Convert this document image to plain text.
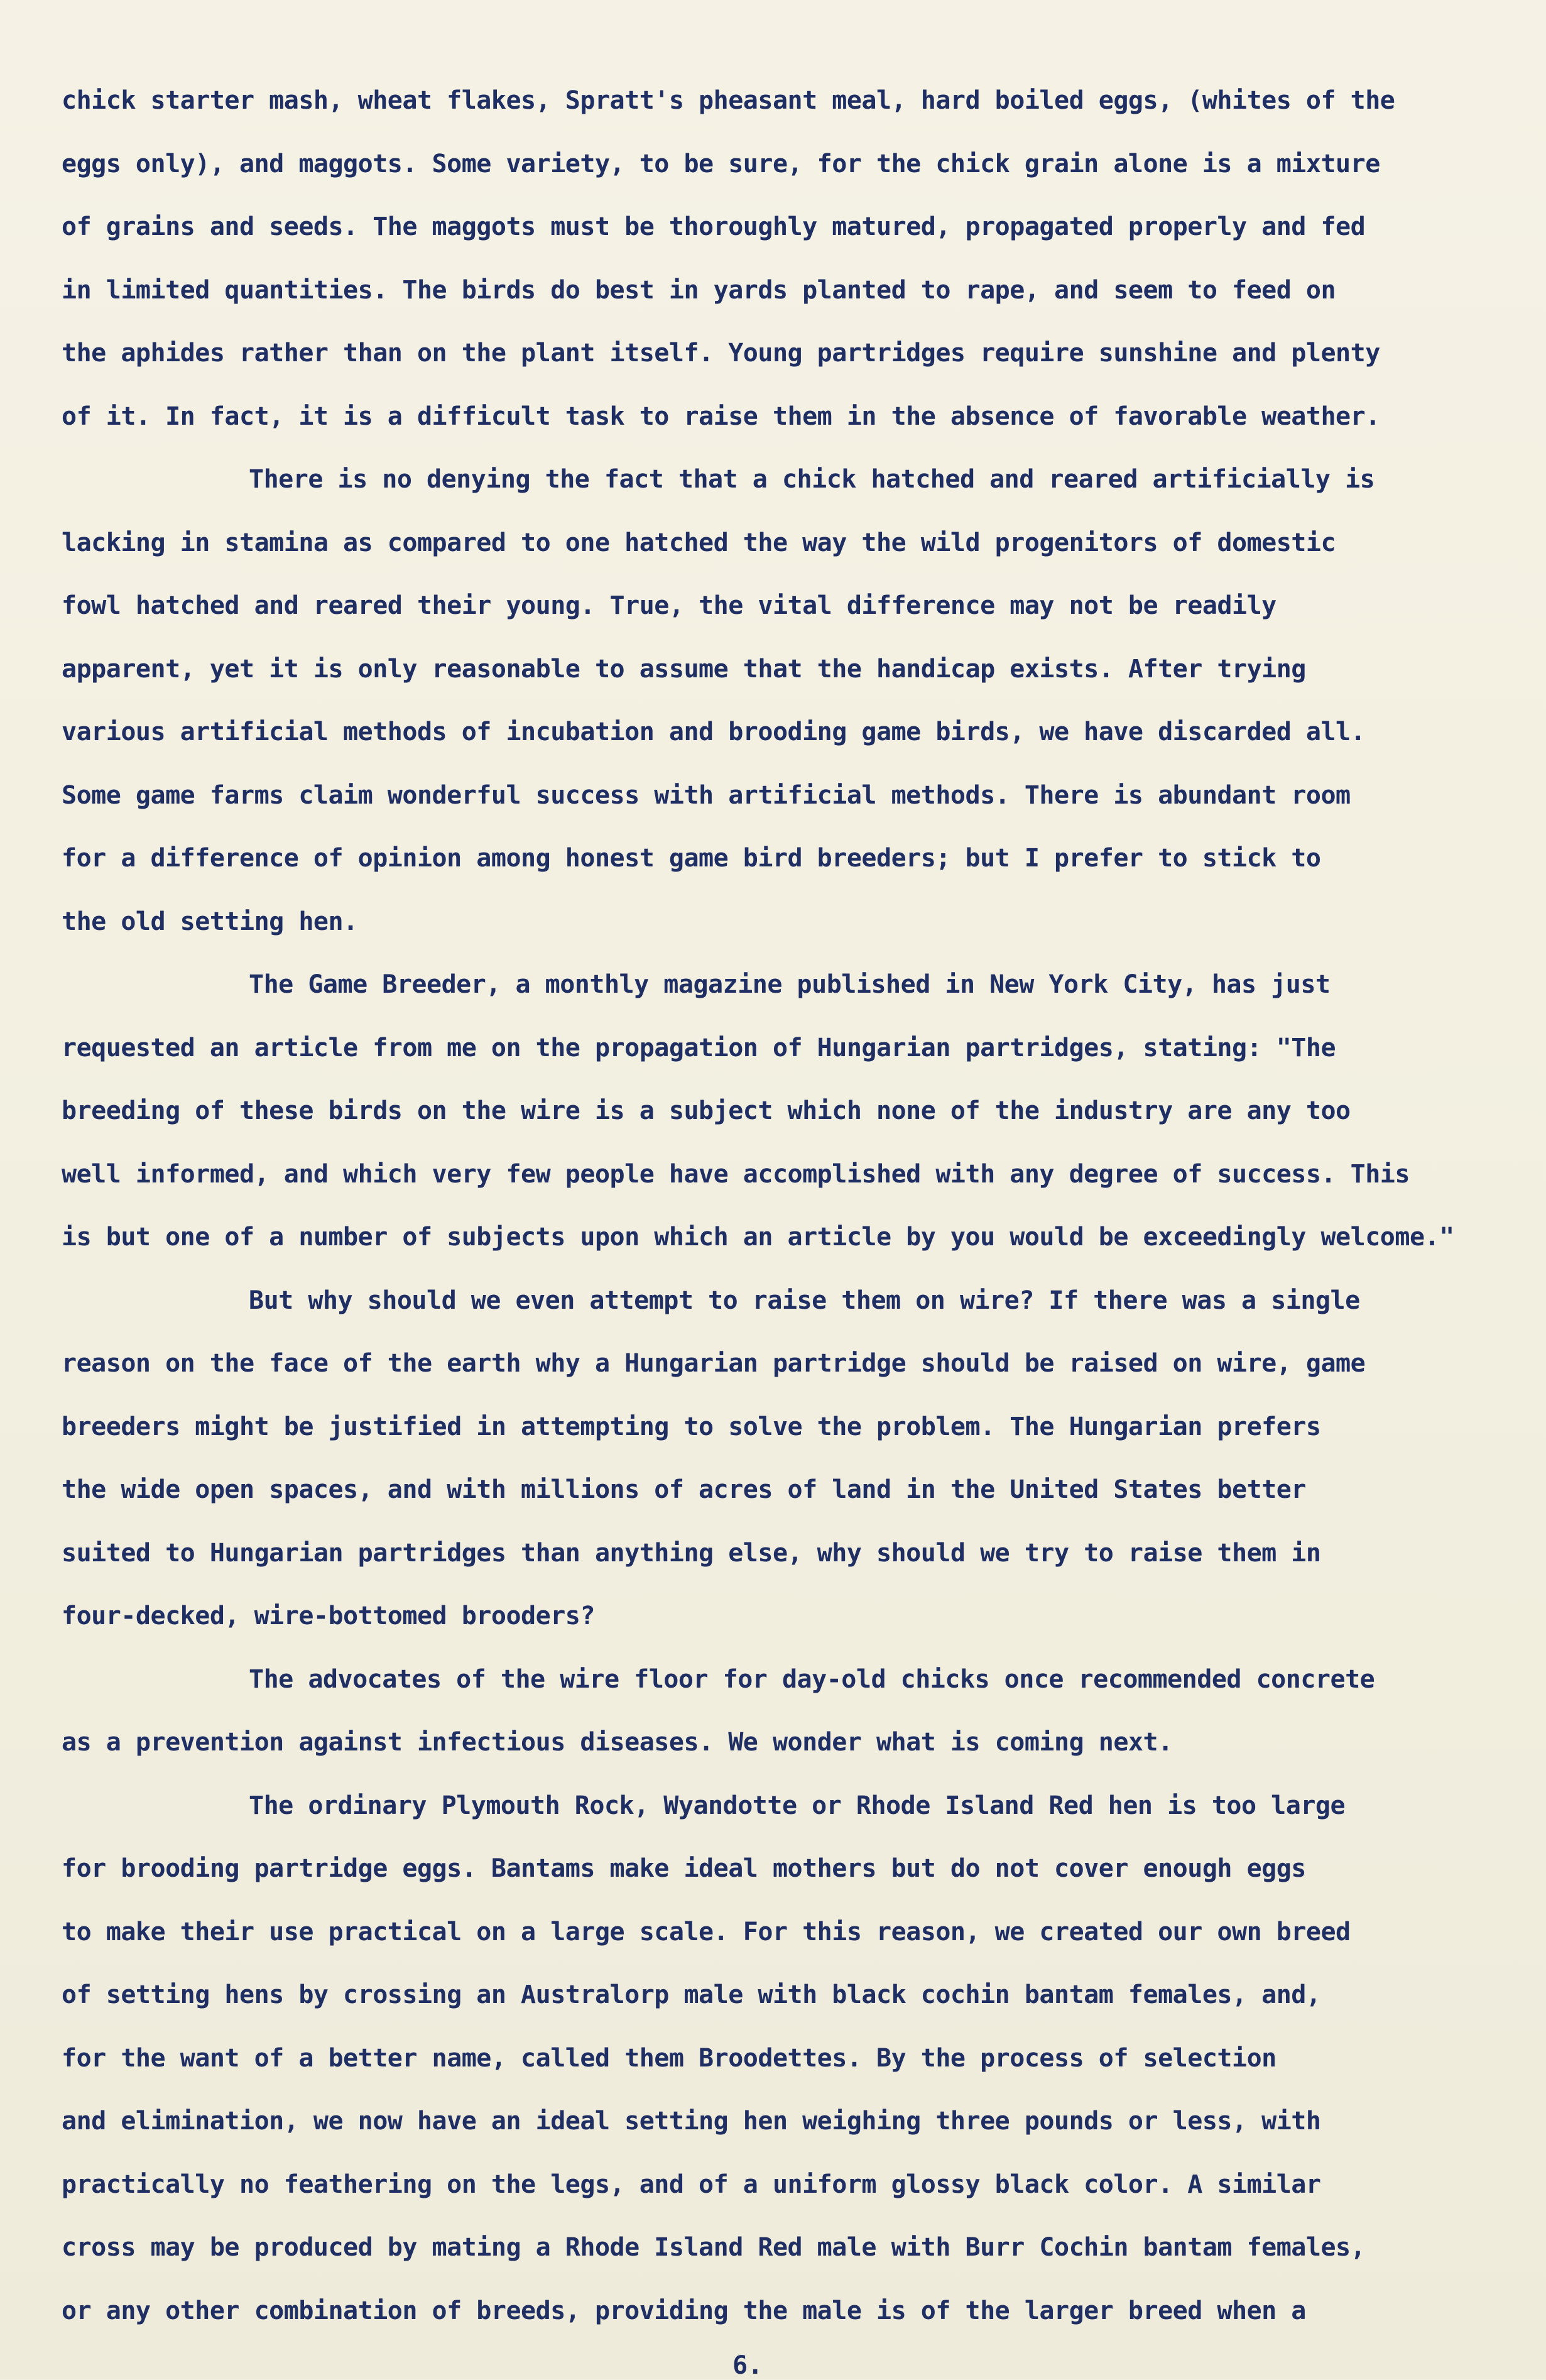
chick starter mash, wheat flakes, Spratt's pheasant meal, hard boiled eggs, (whites of the
eggs only), and maggots. Some variety, to be sure, for the chick grain alone is a mixture
of grains and seeds. The maggots must be thoroughly matured, propagated properly and fed
in limited quantities. The birds do best in yards planted to rape, and seem to feed on
the aphides rather than on the plant itself. Young partridges require sunshine and plenty
of it. In fact, it is a difficult task to raise them in the absence of favorable weather.
There is no denying the fact that a chick hatched and reared artificially is
lacking in stamina as compared to one hatched the way the wild progenitors of domestic
fowl hatched and reared their young. True, the vital difference may not be readily
apparent, yet it is only reasonable to assume that the handicap exists. After trying
various artificial methods of incubation and brooding game birds, we have discarded all.
Some game farms claim wonderful success with artificial methods. There is abundant room
for a difference of opinion among honest game bird breeders; but I prefer to stick to
the old setting hen.
The Game Breeder, a monthly magazine published in New York City, has just
requested an article from me on the propagation of Hungarian partridges, stating: "The
breeding of these birds on the wire is a subject which none of the industry are any too
well informed, and which very few people have accomplished with any degree of success. This
is but one of a number of subjects upon which an article by you would be exceedingly welcome."
But why should we even attempt to raise them on wire? If there was a single
reason on the face of the earth why a Hungarian partridge should be raised on wire, game
breeders might be justified in attempting to solve the problem. The Hungarian prefers
the wide open spaces, and with millions of acres of land in the United States better
suited to Hungarian partridges than anything else, why should we try to raise them in
four-decked, wire-bottomed brooders?
The advocates of the wire floor for day-old chicks once recommended concrete
as a prevention against infectious diseases. We wonder what is coming next.
The ordinary Plymouth Rock, Wyandotte or Rhode Island Red hen is too large
for brooding partridge eggs. Bantams make ideal mothers but do not cover enough eggs
to make their use practical on a large scale. For this reason, we created our own breed
of setting hens by crossing an Australorp male with black cochin bantam females, and,
for the want of a better name, called them Broodettes. By the process of selection
and elimination, we now have an ideal setting hen weighing three pounds or less, with
practically no feathering on the legs, and of a uniform glossy black color. A similar
cross may be produced by mating a Rhode Island Red male with Burr Cochin bantam females,
or any other combination of breeds, providing the male is of the larger breed when a
6.
